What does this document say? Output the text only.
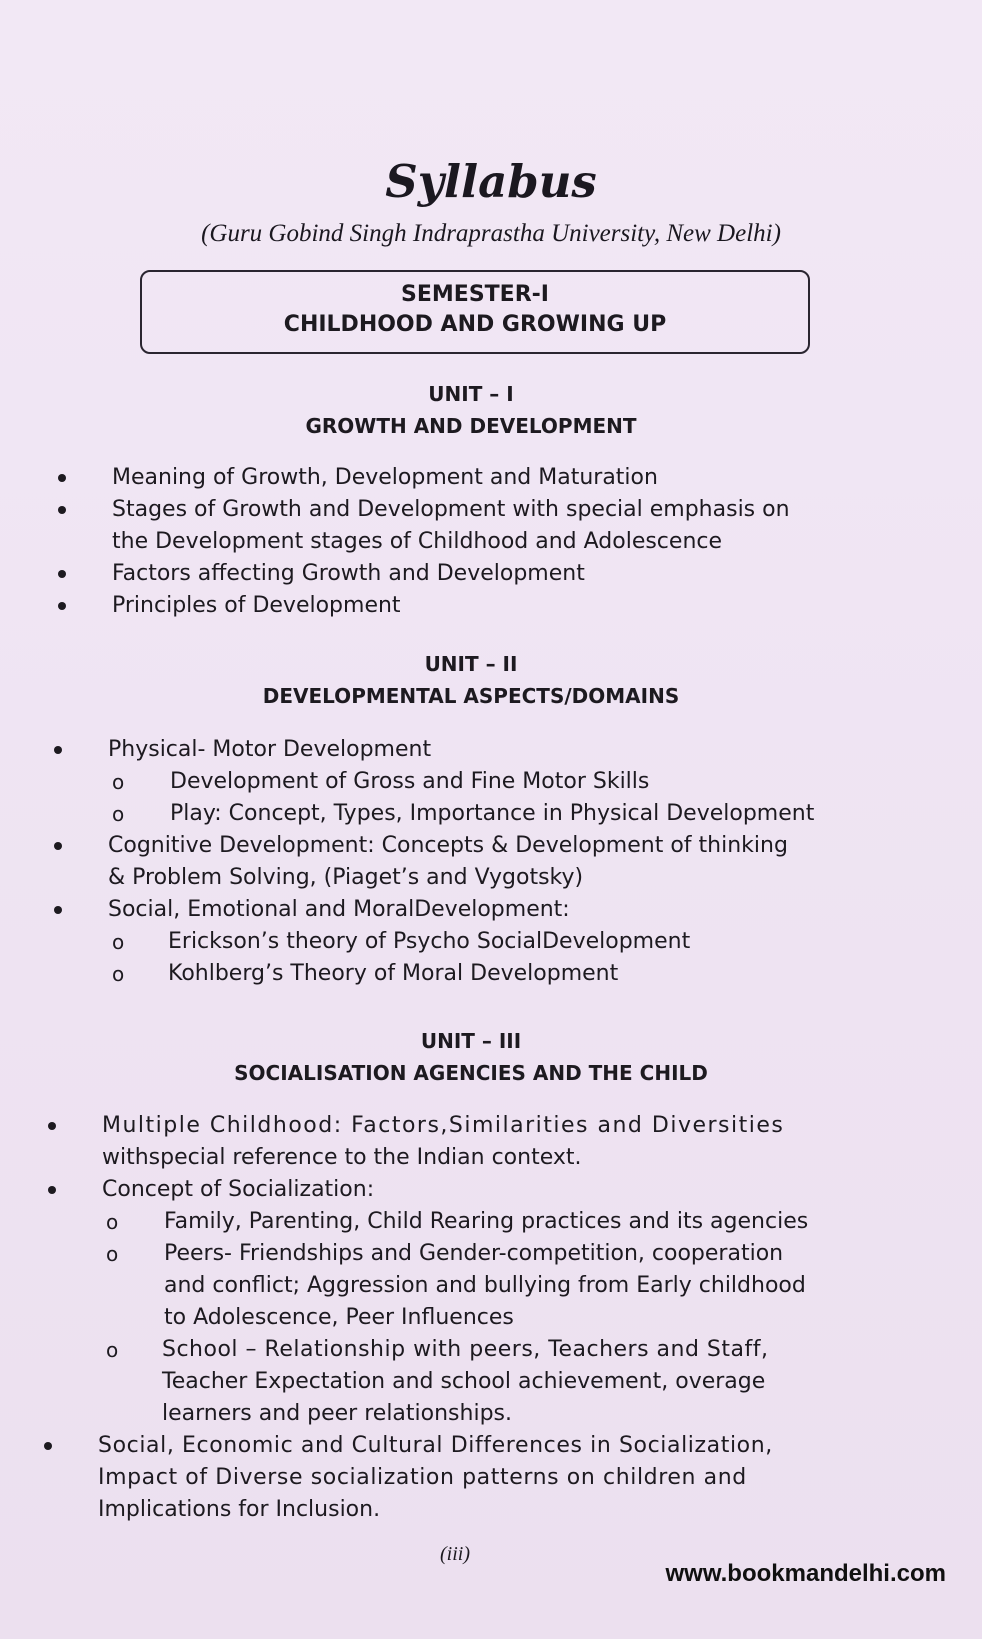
Syllabus
(Guru Gobind Singh Indraprastha University, New Delhi)
SEMESTER-I
CHILDHOOD AND GROWING UP
UNIT – I
GROWTH AND DEVELOPMENT
Meaning of Growth, Development and Maturation
Stages of Growth and Development with special emphasis on
the Development stages of Childhood and Adolescence
Factors affecting Growth and Development
Principles of Development
UNIT – II
DEVELOPMENTAL ASPECTS/DOMAINS
Physical- Motor Development
o Development of Gross and Fine Motor Skills
o Play: Concept, Types, Importance in Physical Development
Cognitive Development: Concepts & Development of thinking
& Problem Solving, (Piaget’s and Vygotsky)
Social, Emotional and MoralDevelopment:
o Erickson’s theory of Psycho SocialDevelopment
o Kohlberg’s Theory of Moral Development
UNIT – III
SOCIALISATION AGENCIES AND THE CHILD
Multiple Childhood: Factors,Similarities and Diversities
withspecial reference to the Indian context.
Concept of Socialization:
o Family, Parenting, Child Rearing practices and its agencies
o Peers- Friendships and Gender-competition, cooperation
and conflict; Aggression and bullying from Early childhood
to Adolescence, Peer Influences
o School – Relationship with peers, Teachers and Staff,
Teacher Expectation and school achievement, overage
learners and peer relationships.
Social, Economic and Cultural Differences in Socialization,
Impact of Diverse socialization patterns on children and
Implications for Inclusion.
(iii)
www.bookmandelhi.com
